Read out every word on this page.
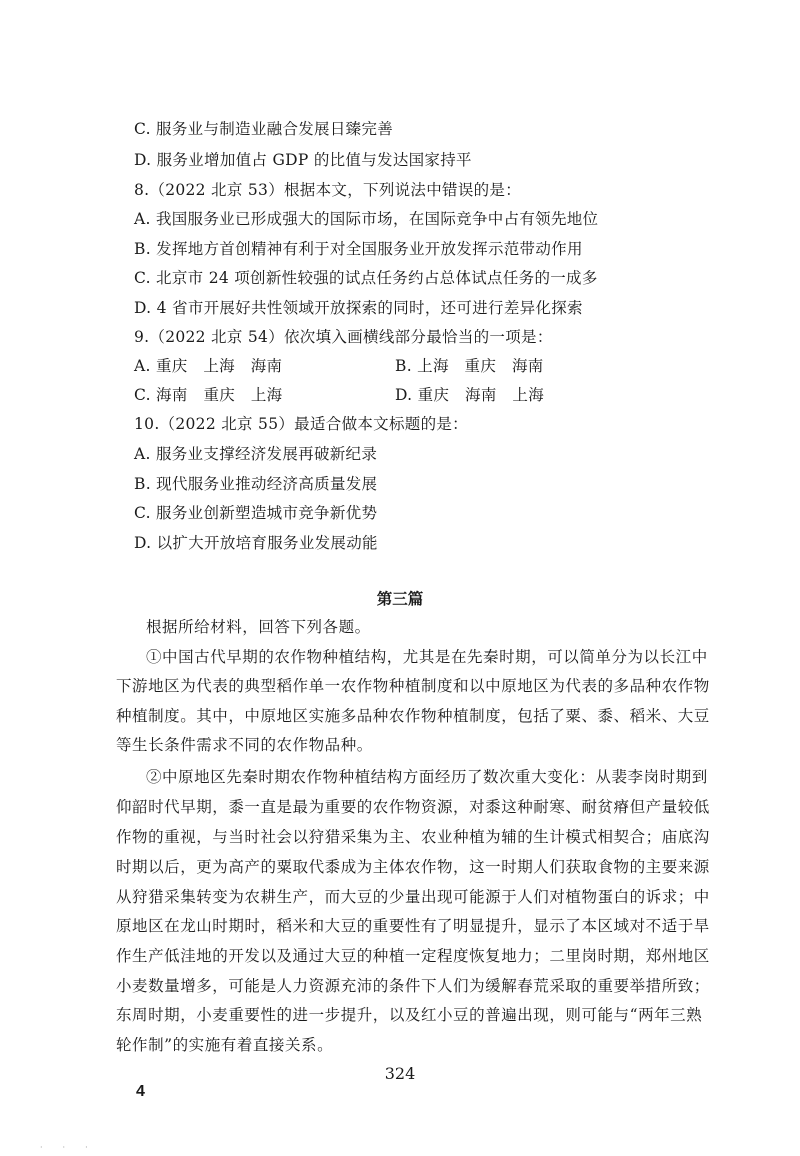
C. 服务业与制造业融合发展日臻完善
D. 服务业增加值占 GDP 的比值与发达国家持平
8.（2022 北京 53）根据本文，下列说法中错误的是：
A. 我国服务业已形成强大的国际市场，在国际竞争中占有领先地位
B. 发挥地方首创精神有利于对全国服务业开放发挥示范带动作用
C. 北京市 24 项创新性较强的试点任务约占总体试点任务的一成多
D. 4 省市开展好共性领域开放探索的同时，还可进行差异化探索
9.（2022 北京 54）依次填入画横线部分最恰当的一项是：
A. 重庆　上海　海南	B. 上海　重庆　海南
C. 海南　重庆　上海	D. 重庆　海南　上海
10.（2022 北京 55）最适合做本文标题的是：
A. 服务业支撑经济发展再破新纪录
B. 现代服务业推动经济高质量发展
C. 服务业创新塑造城市竞争新优势
D. 以扩大开放培育服务业发展动能
第三篇
根据所给材料，回答下列各题。
①中国古代早期的农作物种植结构，尤其是在先秦时期，可以简单分为以长江中
下游地区为代表的典型稻作单一农作物种植制度和以中原地区为代表的多品种农作物
种植制度。其中，中原地区实施多品种农作物种植制度，包括了粟、黍、稻米、大豆
等生长条件需求不同的农作物品种。
②中原地区先秦时期农作物种植结构方面经历了数次重大变化：从裴李岗时期到
仰韶时代早期，黍一直是最为重要的农作物资源，对黍这种耐寒、耐贫瘠但产量较低
作物的重视，与当时社会以狩猎采集为主、农业种植为辅的生计模式相契合；庙底沟
时期以后，更为高产的粟取代黍成为主体农作物，这一时期人们获取食物的主要来源
从狩猎采集转变为农耕生产，而大豆的少量出现可能源于人们对植物蛋白的诉求；中
原地区在龙山时期时，稻米和大豆的重要性有了明显提升，显示了本区域对不适于旱
作生产低洼地的开发以及通过大豆的种植一定程度恢复地力；二里岗时期，郑州地区
小麦数量增多，可能是人力资源充沛的条件下人们为缓解春荒采取的重要举措所致；
东周时期，小麦重要性的进一步提升，以及红小豆的普遍出现，则可能与“两年三熟
轮作制”的实施有着直接关系。
324
4
·　·　·
